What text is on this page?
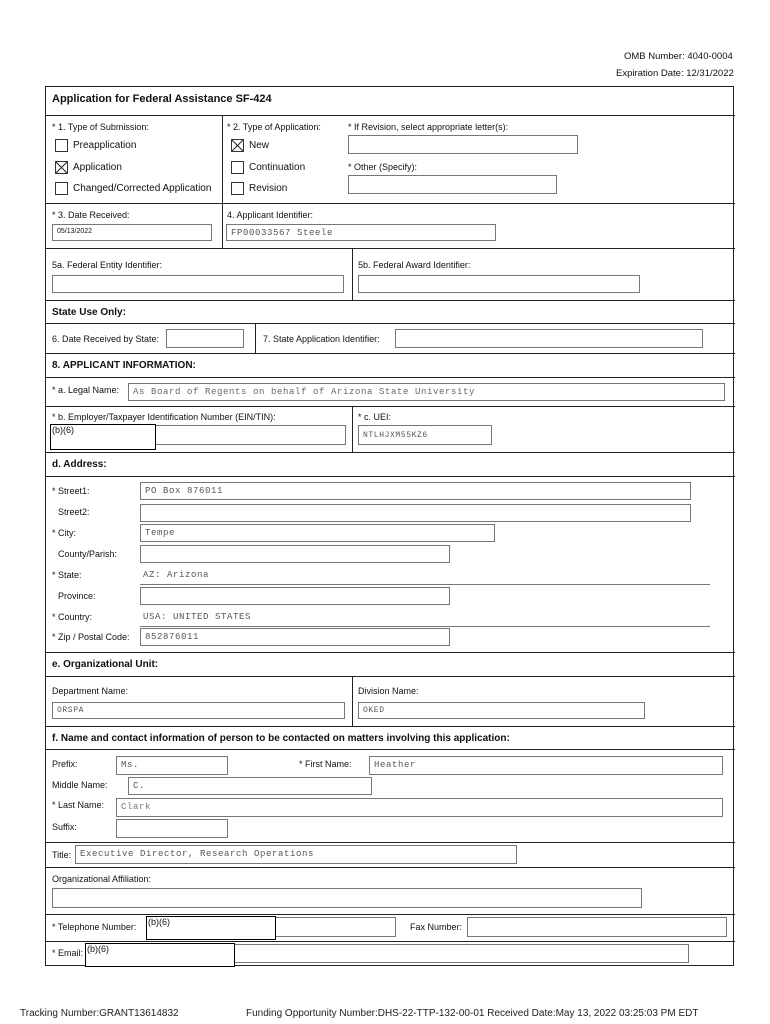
OMB Number: 4040-0004
Expiration Date: 12/31/2022
Application for Federal Assistance SF-424
* 1. Type of Submission:
Preapplication
Application
Changed/Corrected Application
* 2. Type of Application:
New
Continuation
Revision
* If Revision, select appropriate letter(s):
* Other (Specify):
* 3. Date Received:
05/13/2022
4. Applicant Identifier:
FP00033567 Steele
5a. Federal Entity Identifier:	5b. Federal Award Identifier:
State Use Only:
6. Date Received by State:	7. State Application Identifier:
8. APPLICANT INFORMATION:
* a. Legal Name: As Board of Regents on behalf of Arizona State University
* b. Employer/Taxpayer Identification Number (EIN/TIN):
(b)(6)
* c. UEI:
NTLHJXM55KZ6
d. Address:
* Street1:	PO Box 876011
Street2:
* City:	Tempe
County/Parish:
* State:	AZ: Arizona
Province:
* Country:	USA: UNITED STATES
* Zip / Postal Code: 852876011
e. Organizational Unit:
Department Name:
ORSPA
Division Name:
OKED
f. Name and contact information of person to be contacted on matters involving this application:
Prefix:	Ms.	* First Name: Heather
Middle Name:	C.
* Last Name: Clark
Suffix:
Title: Executive Director, Research Operations
Organizational Affiliation:
* Telephone Number: (b)(6)	Fax Number:
* Email: (b)(6)
Tracking Number:GRANT13614832	Funding Opportunity Number:DHS-22-TTP-132-00-01 Received Date:May 13, 2022 03:25:03 PM EDT
